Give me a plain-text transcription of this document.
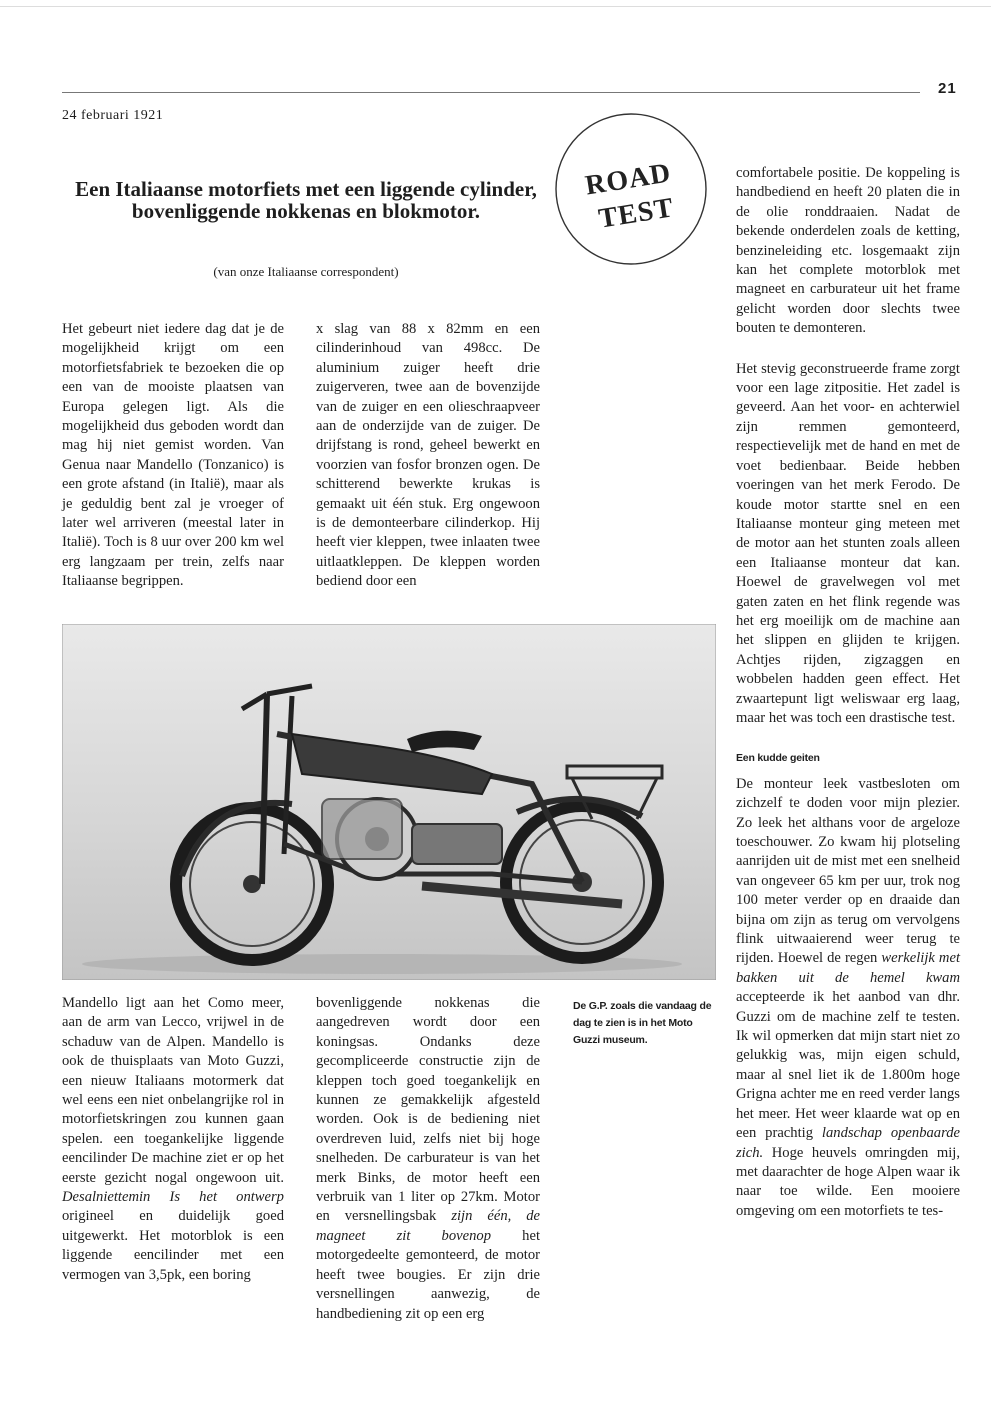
21
24 februari 1921
Een Italiaanse motorfiets met een liggende cylinder,
bovenliggende nokkenas en blokmotor.
(van onze Italiaanse correspondent)
ROAD
TEST

Het gebeurt niet iedere dag dat je de mogelijkheid krijgt om een motorfietsfabriek te bezoeken die op een van de mooiste plaatsen van Europa gelegen ligt. Als die mogelijkheid dus geboden wordt dan mag hij niet gemist worden. Van Genua naar Mandello (Tonzanico) is een grote afstand (in Italië), maar als je geduldig bent zal je vroeger of later wel arriveren (meestal later in Italië). Toch is 8 uur over 200 km wel erg langzaam per trein, zelfs naar Italiaanse begrippen.

x slag van 88 x 82mm en een cilinderinhoud van 498cc. De aluminium zuiger heeft drie zuigerveren, twee aan de bovenzijde van de zuiger en een olieschraapveer aan de onderzijde van de zuiger. De drijfstang is rond, geheel bewerkt en voorzien van fosfor bronzen ogen. De schitterend bewerkte krukas is gemaakt uit één stuk. Erg ongewoon is de demonteerbare cilinderkop. Hij heeft vier kleppen, twee inlaaten twee uitlaatkleppen. De kleppen worden bediend door een

Mandello ligt aan het Como meer, aan de arm van Lecco, vrijwel in de schaduw van de Alpen. Mandello is ook de thuisplaats van Moto Guzzi, een nieuw Italiaans motormerk dat wel eens een niet onbelangrijke rol in motorfietskringen zou kunnen gaan spelen. een toegankelijke liggende eencilinder De machine ziet er op het eerste gezicht nogal ongewoon uit. Desalniettemin Is het ontwerp origineel en duidelijk goed uitgewerkt. Het motorblok is een liggende eencilinder met een vermogen van 3,5pk, een boring

bovenliggende nokkenas die aangedreven wordt door een koningsas. Ondanks deze gecompliceerde constructie zijn de kleppen toch goed toegankelijk en kunnen ze gemakkelijk afgesteld worden. Ook is de bediening niet overdreven luid, zelfs niet bij hoge snelheden. De carburateur is van het merk Binks, de motor heeft een verbruik van 1 liter op 27km. Motor en versnellingsbak zijn één, de magneet zit bovenop het motorgedeelte gemonteerd, de motor heeft twee bougies. Er zijn drie versnellingen aanwezig, de handbediening zit op een erg

De G.P. zoals die vandaag de dag te zien is in het Moto Guzzi museum.

comfortabele positie. De koppeling is handbediend en heeft 20 platen die in de olie ronddraaien. Nadat de bekende onderdelen zoals de ketting, benzineleiding etc. losgemaakt zijn kan het complete motorblok met magneet en carburateur uit het frame gelicht worden door slechts twee bouten te demonteren.

Het stevig geconstrueerde frame zorgt voor een lage zitpositie. Het zadel is geveerd. Aan het voor- en achterwiel zijn remmen gemonteerd, respectievelijk met de hand en met de voet bedienbaar. Beide hebben voeringen van het merk Ferodo. De koude motor startte snel en een Italiaanse monteur ging meteen met de motor aan het stunten zoals alleen een Italiaanse monteur dat kan. Hoewel de gravelwegen vol met gaten zaten en het flink regende was het erg moeilijk om de machine aan het slippen en glijden te krijgen. Achtjes rijden, zigzaggen en wobbelen hadden geen effect. Het zwaartepunt ligt weliswaar erg laag, maar het was toch een drastische test.

Een kudde geiten

De monteur leek vastbesloten om zichzelf te doden voor mijn plezier. Zo leek het althans voor de argeloze toeschouwer. Zo kwam hij plotseling aanrijden uit de mist met een snelheid van ongeveer 65 km per uur, trok nog 100 meter verder op en draaide dan bijna om zijn as terug om vervolgens flink uitwaaierend weer terug te rijden. Hoewel de regen werkelijk met bakken uit de hemel kwam accepteerde ik het aanbod van dhr. Guzzi om de machine zelf te testen. Ik wil opmerken dat mijn start niet zo gelukkig was, mijn eigen schuld, maar al snel liet ik de 1.800m hoge Grigna achter me en reed verder langs het meer. Het weer klaarde wat op en een prachtig landschap openbaarde zich. Hoge heuvels omringden mij, met daarachter de hoge Alpen waar ik naar toe wilde. Een mooiere omgeving om een motorfiets te tes-
